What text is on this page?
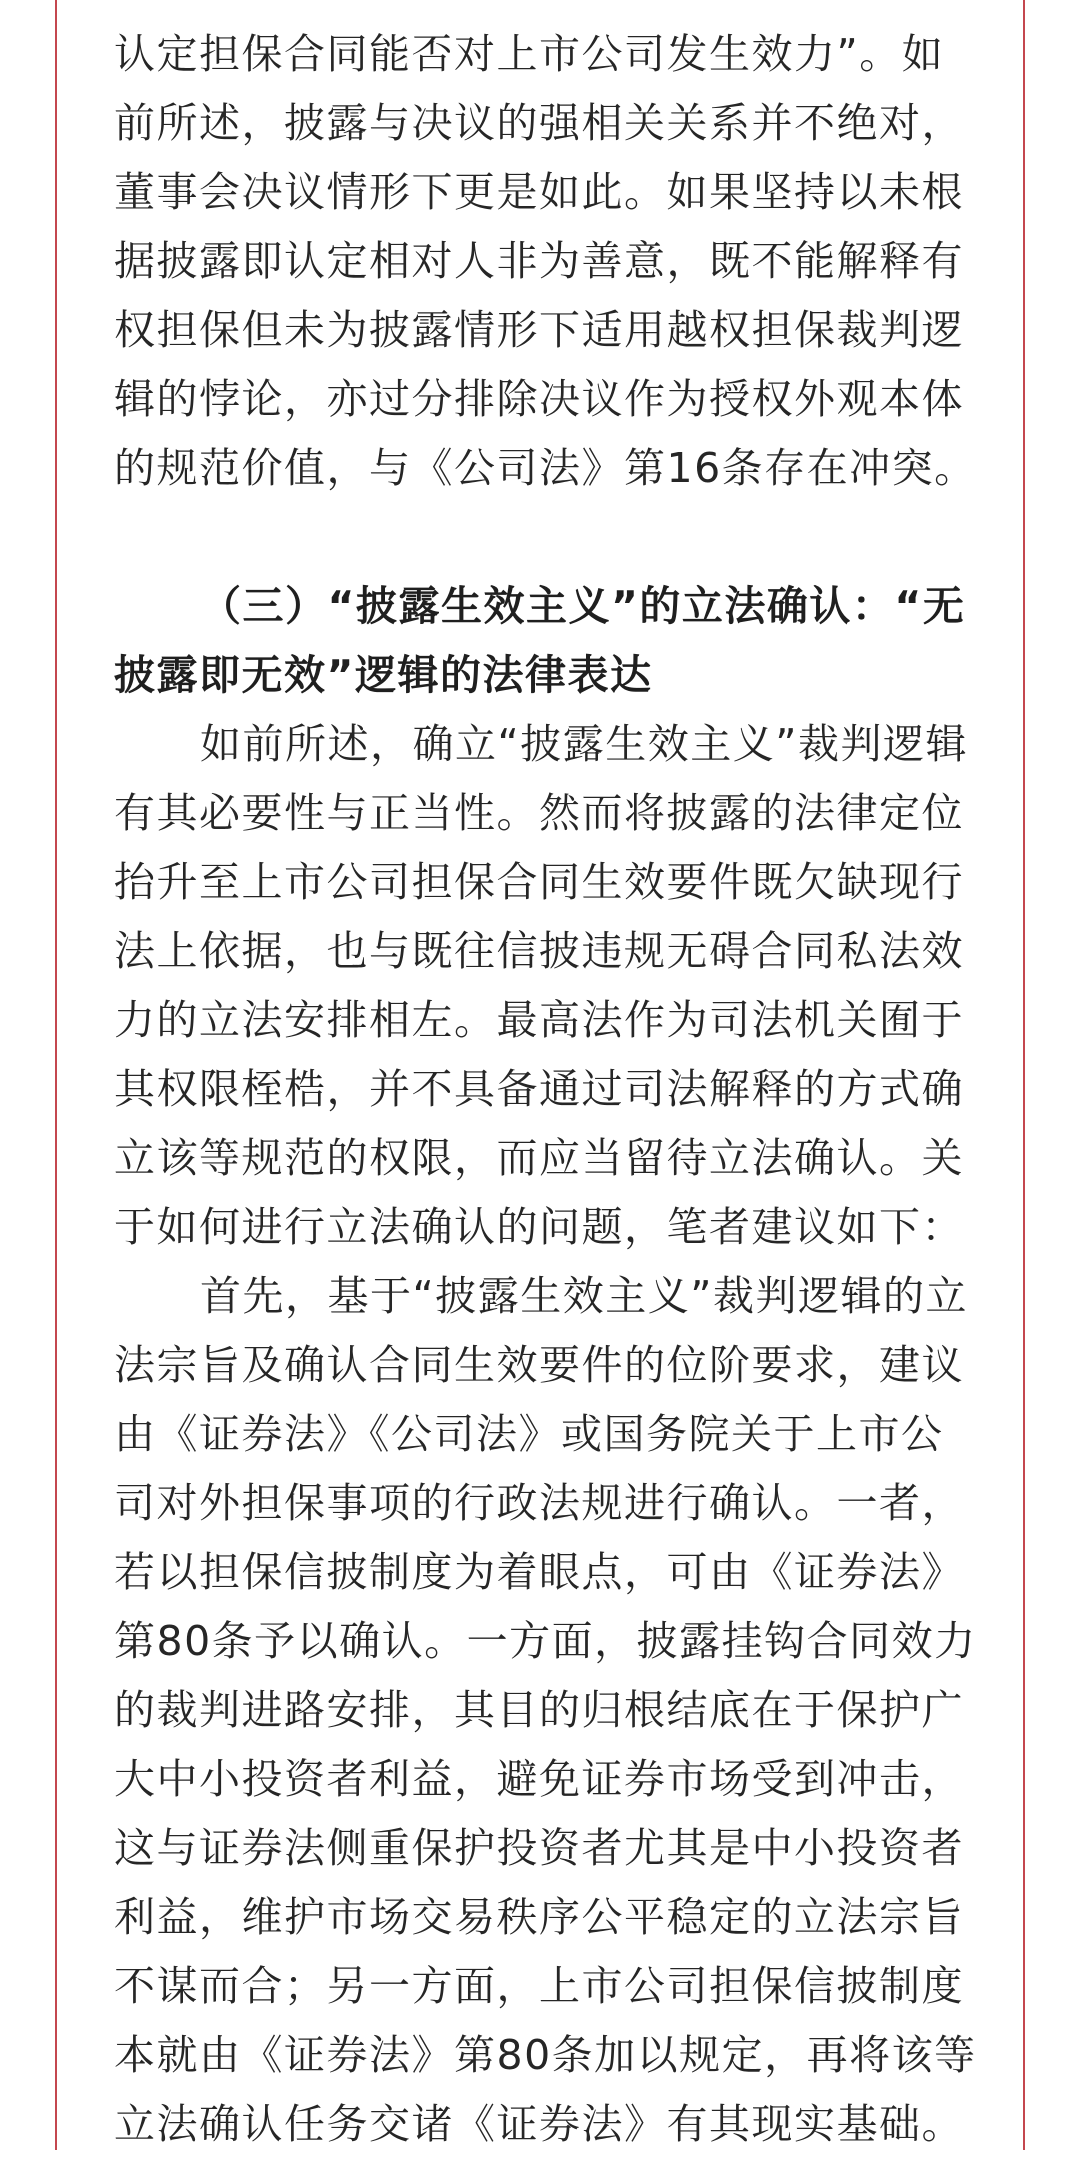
认定担保合同能否对上市公司发生效力”。如
前所述，披露与决议的强相关关系并不绝对，
董事会决议情形下更是如此。如果坚持以未根
据披露即认定相对人非为善意，既不能解释有
权担保但未为披露情形下适用越权担保裁判逻
辑的悖论，亦过分排除决议作为授权外观本体
的规范价值，与《公司法》第16条存在冲突。
（三）“披露生效主义”的立法确认：“无
披露即无效”逻辑的法律表达
如前所述，确立“披露生效主义”裁判逻辑
有其必要性与正当性。然而将披露的法律定位
抬升至上市公司担保合同生效要件既欠缺现行
法上依据，也与既往信披违规无碍合同私法效
力的立法安排相左。最高法作为司法机关囿于
其权限桎梏，并不具备通过司法解释的方式确
立该等规范的权限，而应当留待立法确认。关
于如何进行立法确认的问题，笔者建议如下：
首先，基于“披露生效主义”裁判逻辑的立
法宗旨及确认合同生效要件的位阶要求，建议
由《证券法》《公司法》或国务院关于上市公
司对外担保事项的行政法规进行确认。一者，
若以担保信披制度为着眼点，可由《证券法》
第80条予以确认。一方面，披露挂钩合同效力
的裁判进路安排，其目的归根结底在于保护广
大中小投资者利益，避免证券市场受到冲击，
这与证券法侧重保护投资者尤其是中小投资者
利益，维护市场交易秩序公平稳定的立法宗旨
不谋而合；另一方面，上市公司担保信披制度
本就由《证券法》第80条加以规定，再将该等
立法确认任务交诸《证券法》有其现实基础。
